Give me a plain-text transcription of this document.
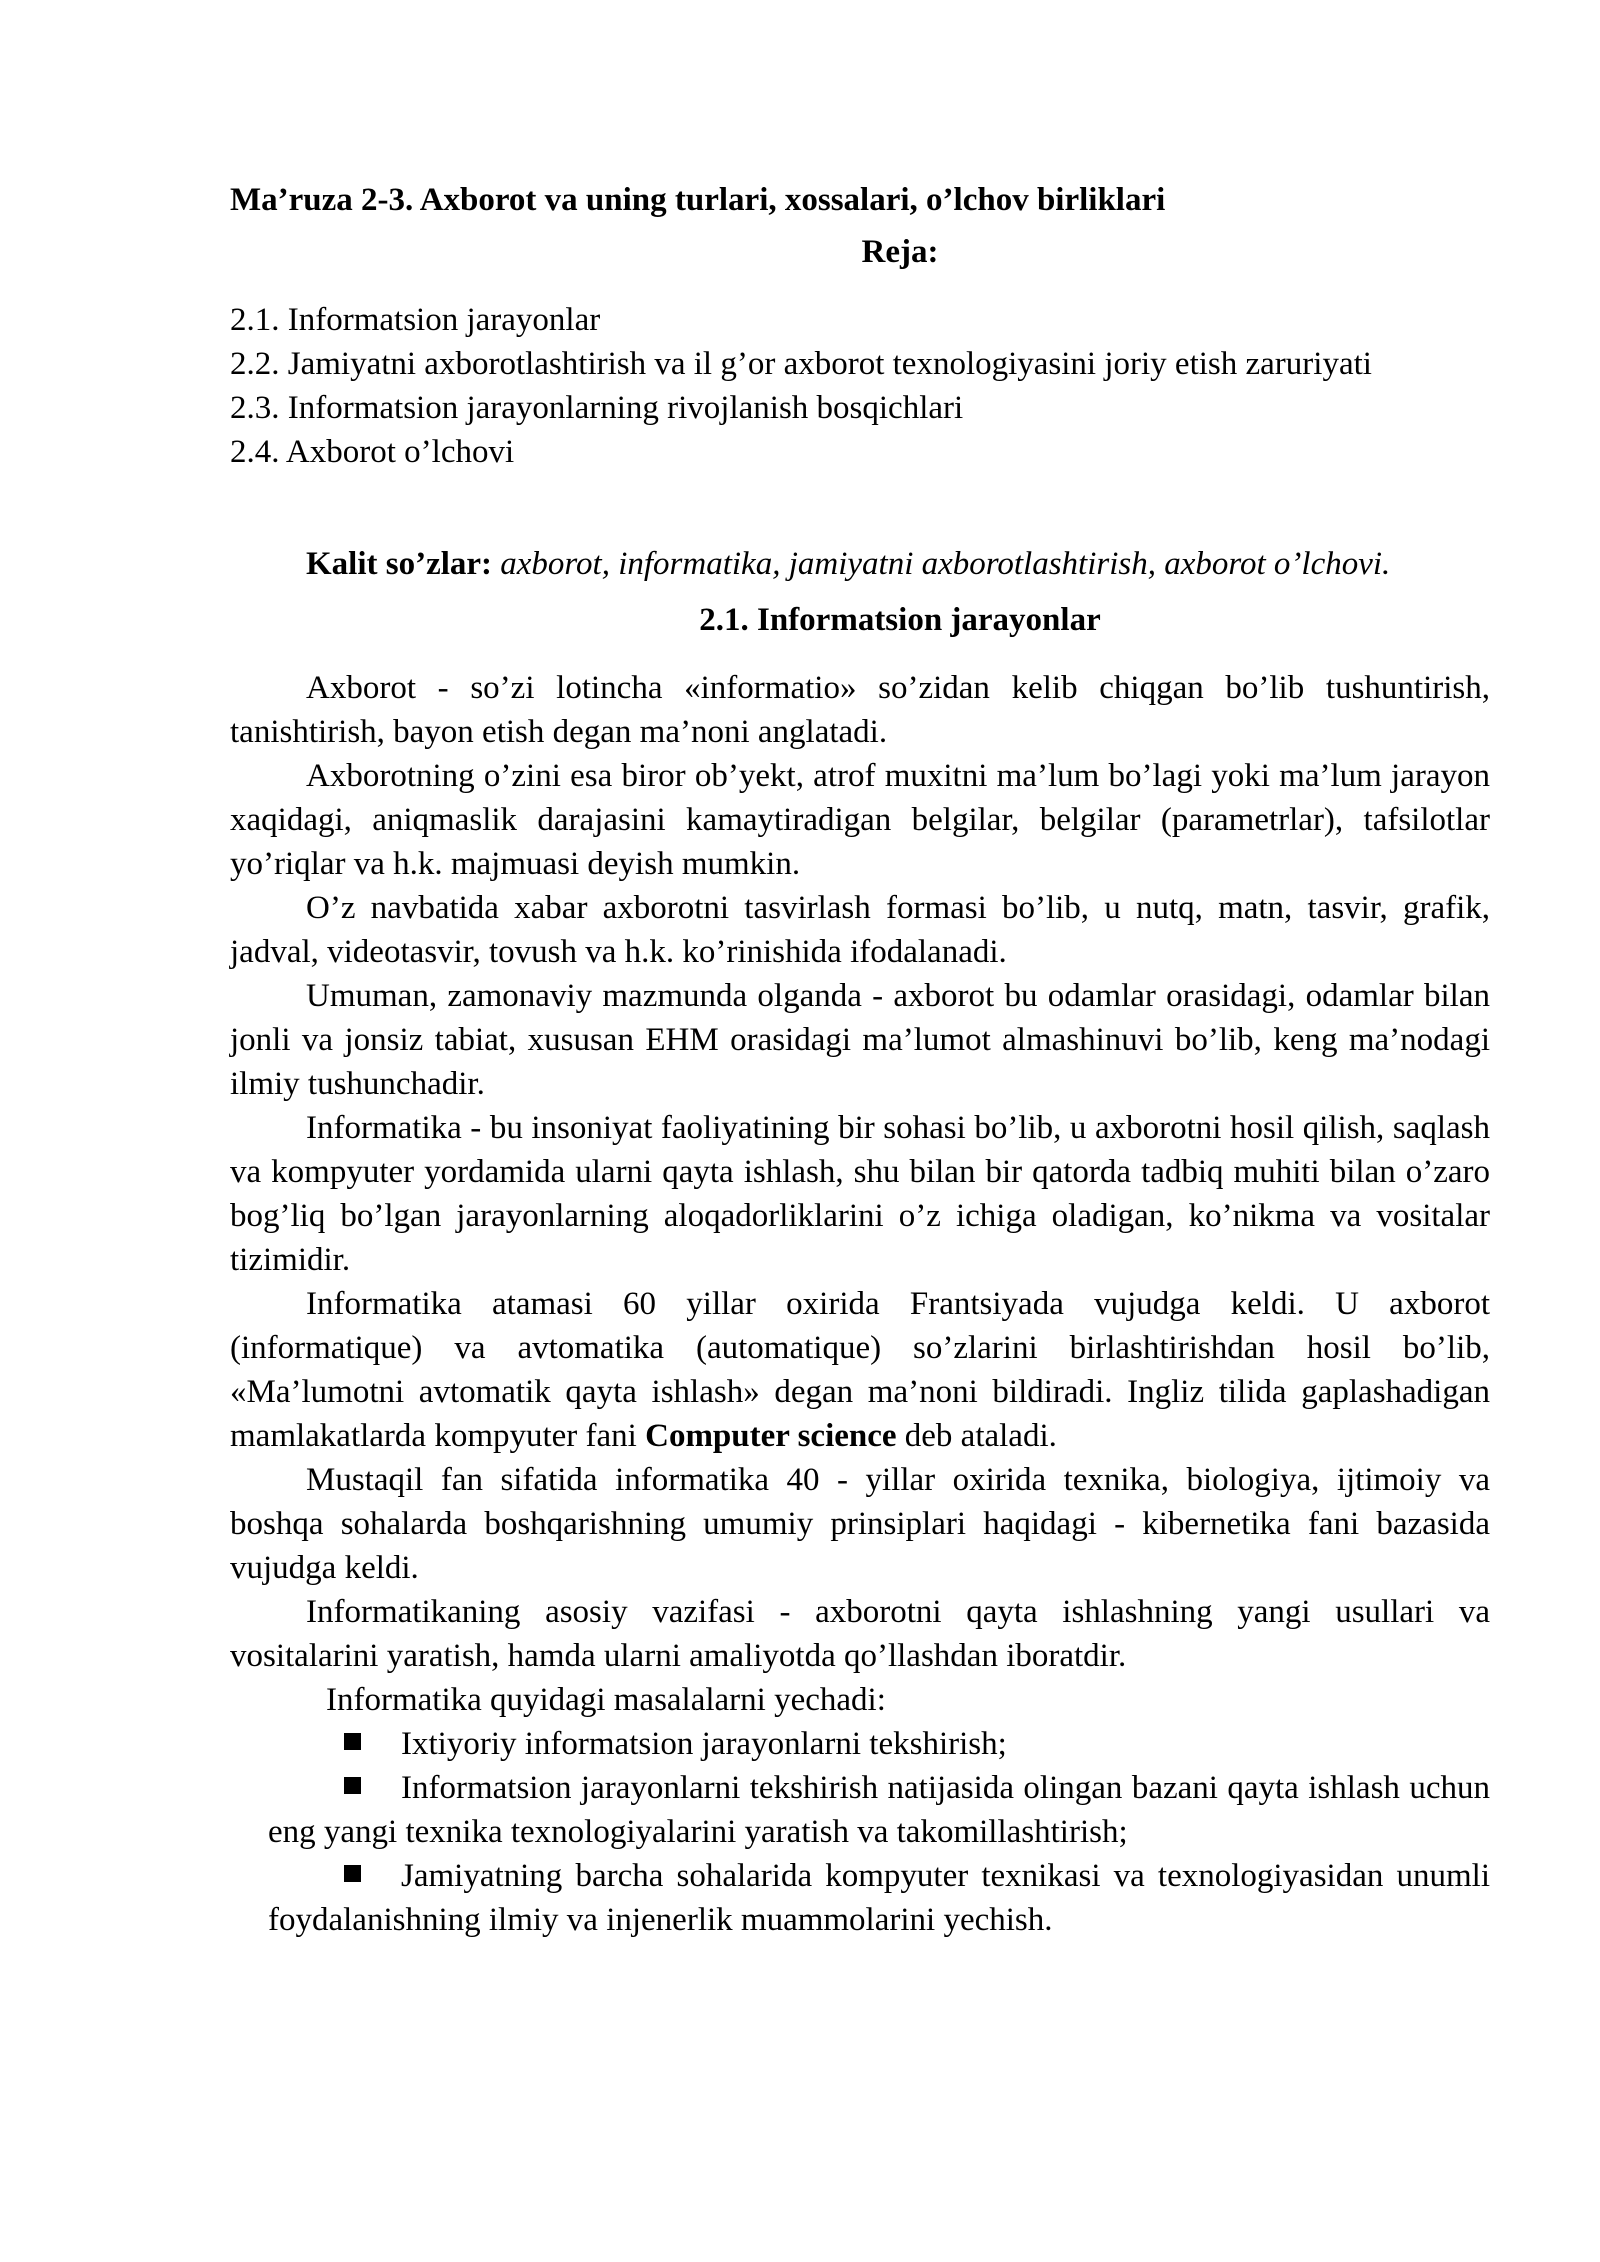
Ma’ruza 2-3. Axborot va uning turlari, xossalari, o’lchov birliklari
Reja:
2.1. Informatsion jarayonlar
2.2. Jamiyatni axborotlashtirish va il g’or axborot texnologiyasini joriy etish zaruriyati
2.3. Informatsion jarayonlarning rivojlanish bosqichlari
2.4. Axborot o’lchovi

Kalit so’zlar: axborot, informatika, jamiyatni axborotlashtirish, axborot o’lchovi.

2.1. Informatsion jarayonlar

Axborot - so’zi lotincha «informatio» so’zidan kelib chiqgan bo’lib tushuntirish, tanishtirish, bayon etish degan ma’noni anglatadi.

Axborotning o’zini esa biror ob’yekt, atrof muxitni ma’lum bo’lagi yoki ma’lum jarayon xaqidagi, aniqmaslik darajasini kamaytiradigan belgilar, belgilar (parametrlar), tafsilotlar yo’riqlar va h.k. majmuasi deyish mumkin.

O’z navbatida xabar axborotni tasvirlash formasi bo’lib, u nutq, matn, tasvir, grafik, jadval, videotasvir, tovush va h.k. ko’rinishida ifodalanadi.

Umuman, zamonaviy mazmunda olganda - axborot bu odamlar orasidagi, odamlar bilan jonli va jonsiz tabiat, xususan EHM orasidagi ma’lumot almashinuvi bo’lib, keng ma’nodagi ilmiy tushunchadir.

Informatika - bu insoniyat faoliyatining bir sohasi bo’lib, u axborotni hosil qilish, saqlash va kompyuter yordamida ularni qayta ishlash, shu bilan bir qatorda tadbiq muhiti bilan o’zaro bog’liq bo’lgan jarayonlarning aloqadorliklarini o’z ichiga oladigan, ko’nikma va vositalar tizimidir.

Informatika atamasi 60 yillar oxirida Frantsiyada vujudga keldi. U axborot (informatique) va avtomatika (automatique) so’zlarini birlashtirishdan hosil bo’lib, «Ma’lumotni avtomatik qayta ishlash» degan ma’noni bildiradi. Ingliz tilida gaplashadigan mamlakatlarda kompyuter fani Computer science deb ataladi.

Mustaqil fan sifatida informatika 40 - yillar oxirida texnika, biologiya, ijtimoiy va boshqa sohalarda boshqarishning umumiy prinsiplari haqidagi - kibernetika fani bazasida vujudga keldi.

Informatikaning asosiy vazifasi - axborotni qayta ishlashning yangi usullari va vositalarini yaratish, hamda ularni amaliyotda qo’llashdan iboratdir.

Informatika quyidagi masalalarni yechadi:

Ixtiyoriy informatsion jarayonlarni tekshirish;
Informatsion jarayonlarni tekshirish natijasida olingan bazani qayta ishlash uchun eng yangi texnika texnologiyalarini yaratish va takomillashtirish;
Jamiyatning barcha sohalarida kompyuter texnikasi va texnologiyasidan unumli foydalanishning ilmiy va injenerlik muammolarini yechish.
